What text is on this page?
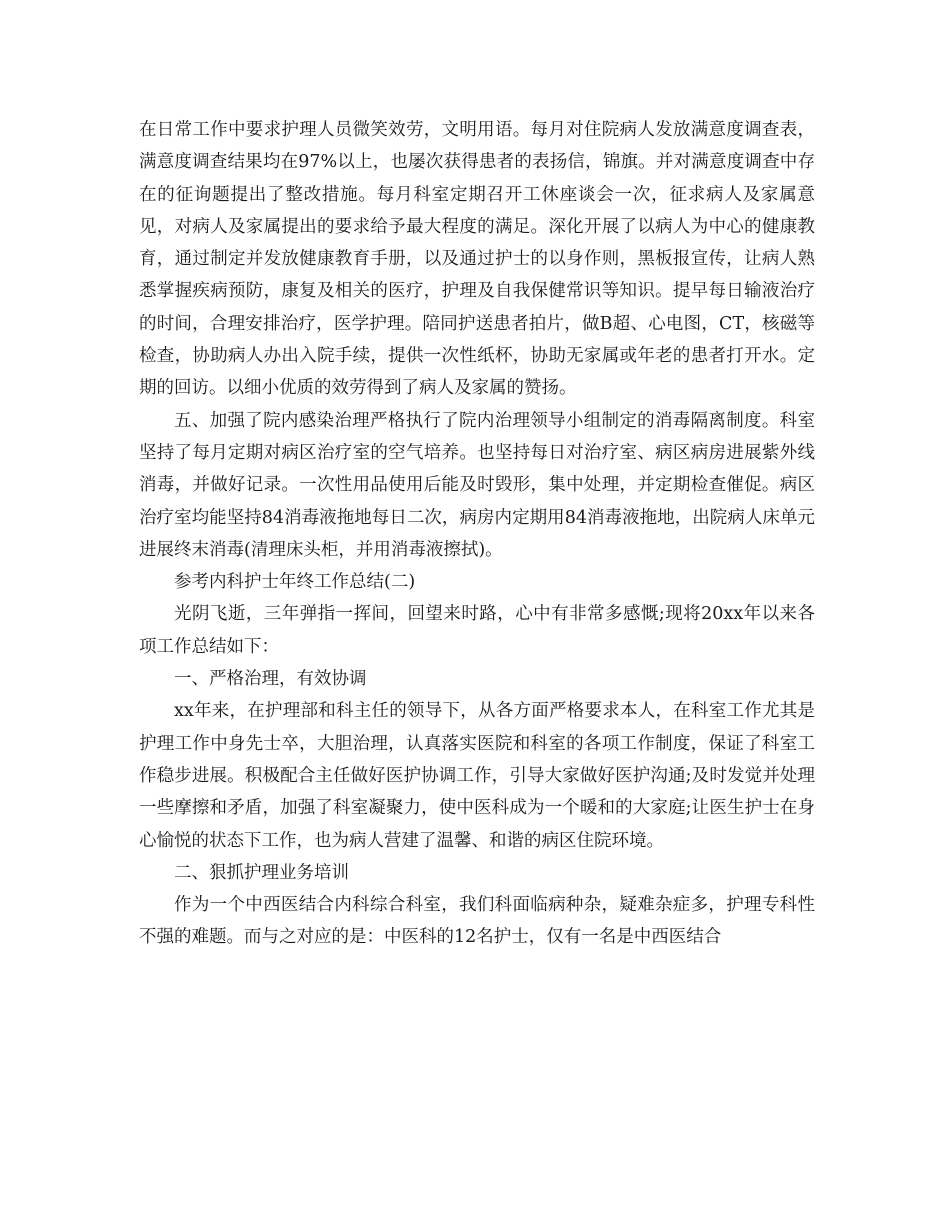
在日常工作中要求护理人员微笑效劳，文明用语。每月对住院病人发放满意度调查表，满意度调查结果均在97%以上，也屡次获得患者的表扬信，锦旗。并对满意度调查中存在的征询题提出了整改措施。每月科室定期召开工休座谈会一次，征求病人及家属意见，对病人及家属提出的要求给予最大程度的满足。深化开展了以病人为中心的健康教育，通过制定并发放健康教育手册，以及通过护士的以身作则，黑板报宣传，让病人熟悉掌握疾病预防，康复及相关的医疗，护理及自我保健常识等知识。提早每日输液治疗的时间，合理安排治疗，医学护理。陪同护送患者拍片，做B超、心电图，CT，核磁等检查，协助病人办出入院手续，提供一次性纸杯，协助无家属或年老的患者打开水。定期的回访。以细小优质的效劳得到了病人及家属的赞扬。

五、加强了院内感染治理严格执行了院内治理领导小组制定的消毒隔离制度。科室坚持了每月定期对病区治疗室的空气培养。也坚持每日对治疗室、病区病房进展紫外线消毒，并做好记录。一次性用品使用后能及时毁形，集中处理，并定期检查催促。病区治疗室均能坚持84消毒液拖地每日二次，病房内定期用84消毒液拖地，出院病人床单元进展终末消毒(清理床头柜，并用消毒液擦拭)。

参考内科护士年终工作总结(二)

光阴飞逝，三年弹指一挥间，回望来时路，心中有非常多感慨;现将20xx年以来各项工作总结如下：

一、严格治理，有效协调

xx年来，在护理部和科主任的领导下，从各方面严格要求本人，在科室工作尤其是护理工作中身先士卒，大胆治理，认真落实医院和科室的各项工作制度，保证了科室工作稳步进展。积极配合主任做好医护协调工作，引导大家做好医护沟通;及时发觉并处理一些摩擦和矛盾，加强了科室凝聚力，使中医科成为一个暖和的大家庭;让医生护士在身心愉悦的状态下工作，也为病人营建了温馨、和谐的病区住院环境。

二、狠抓护理业务培训

作为一个中西医结合内科综合科室，我们科面临病种杂，疑难杂症多，护理专科性不强的难题。而与之对应的是：中医科的12名护士，仅有一名是中西医结合
